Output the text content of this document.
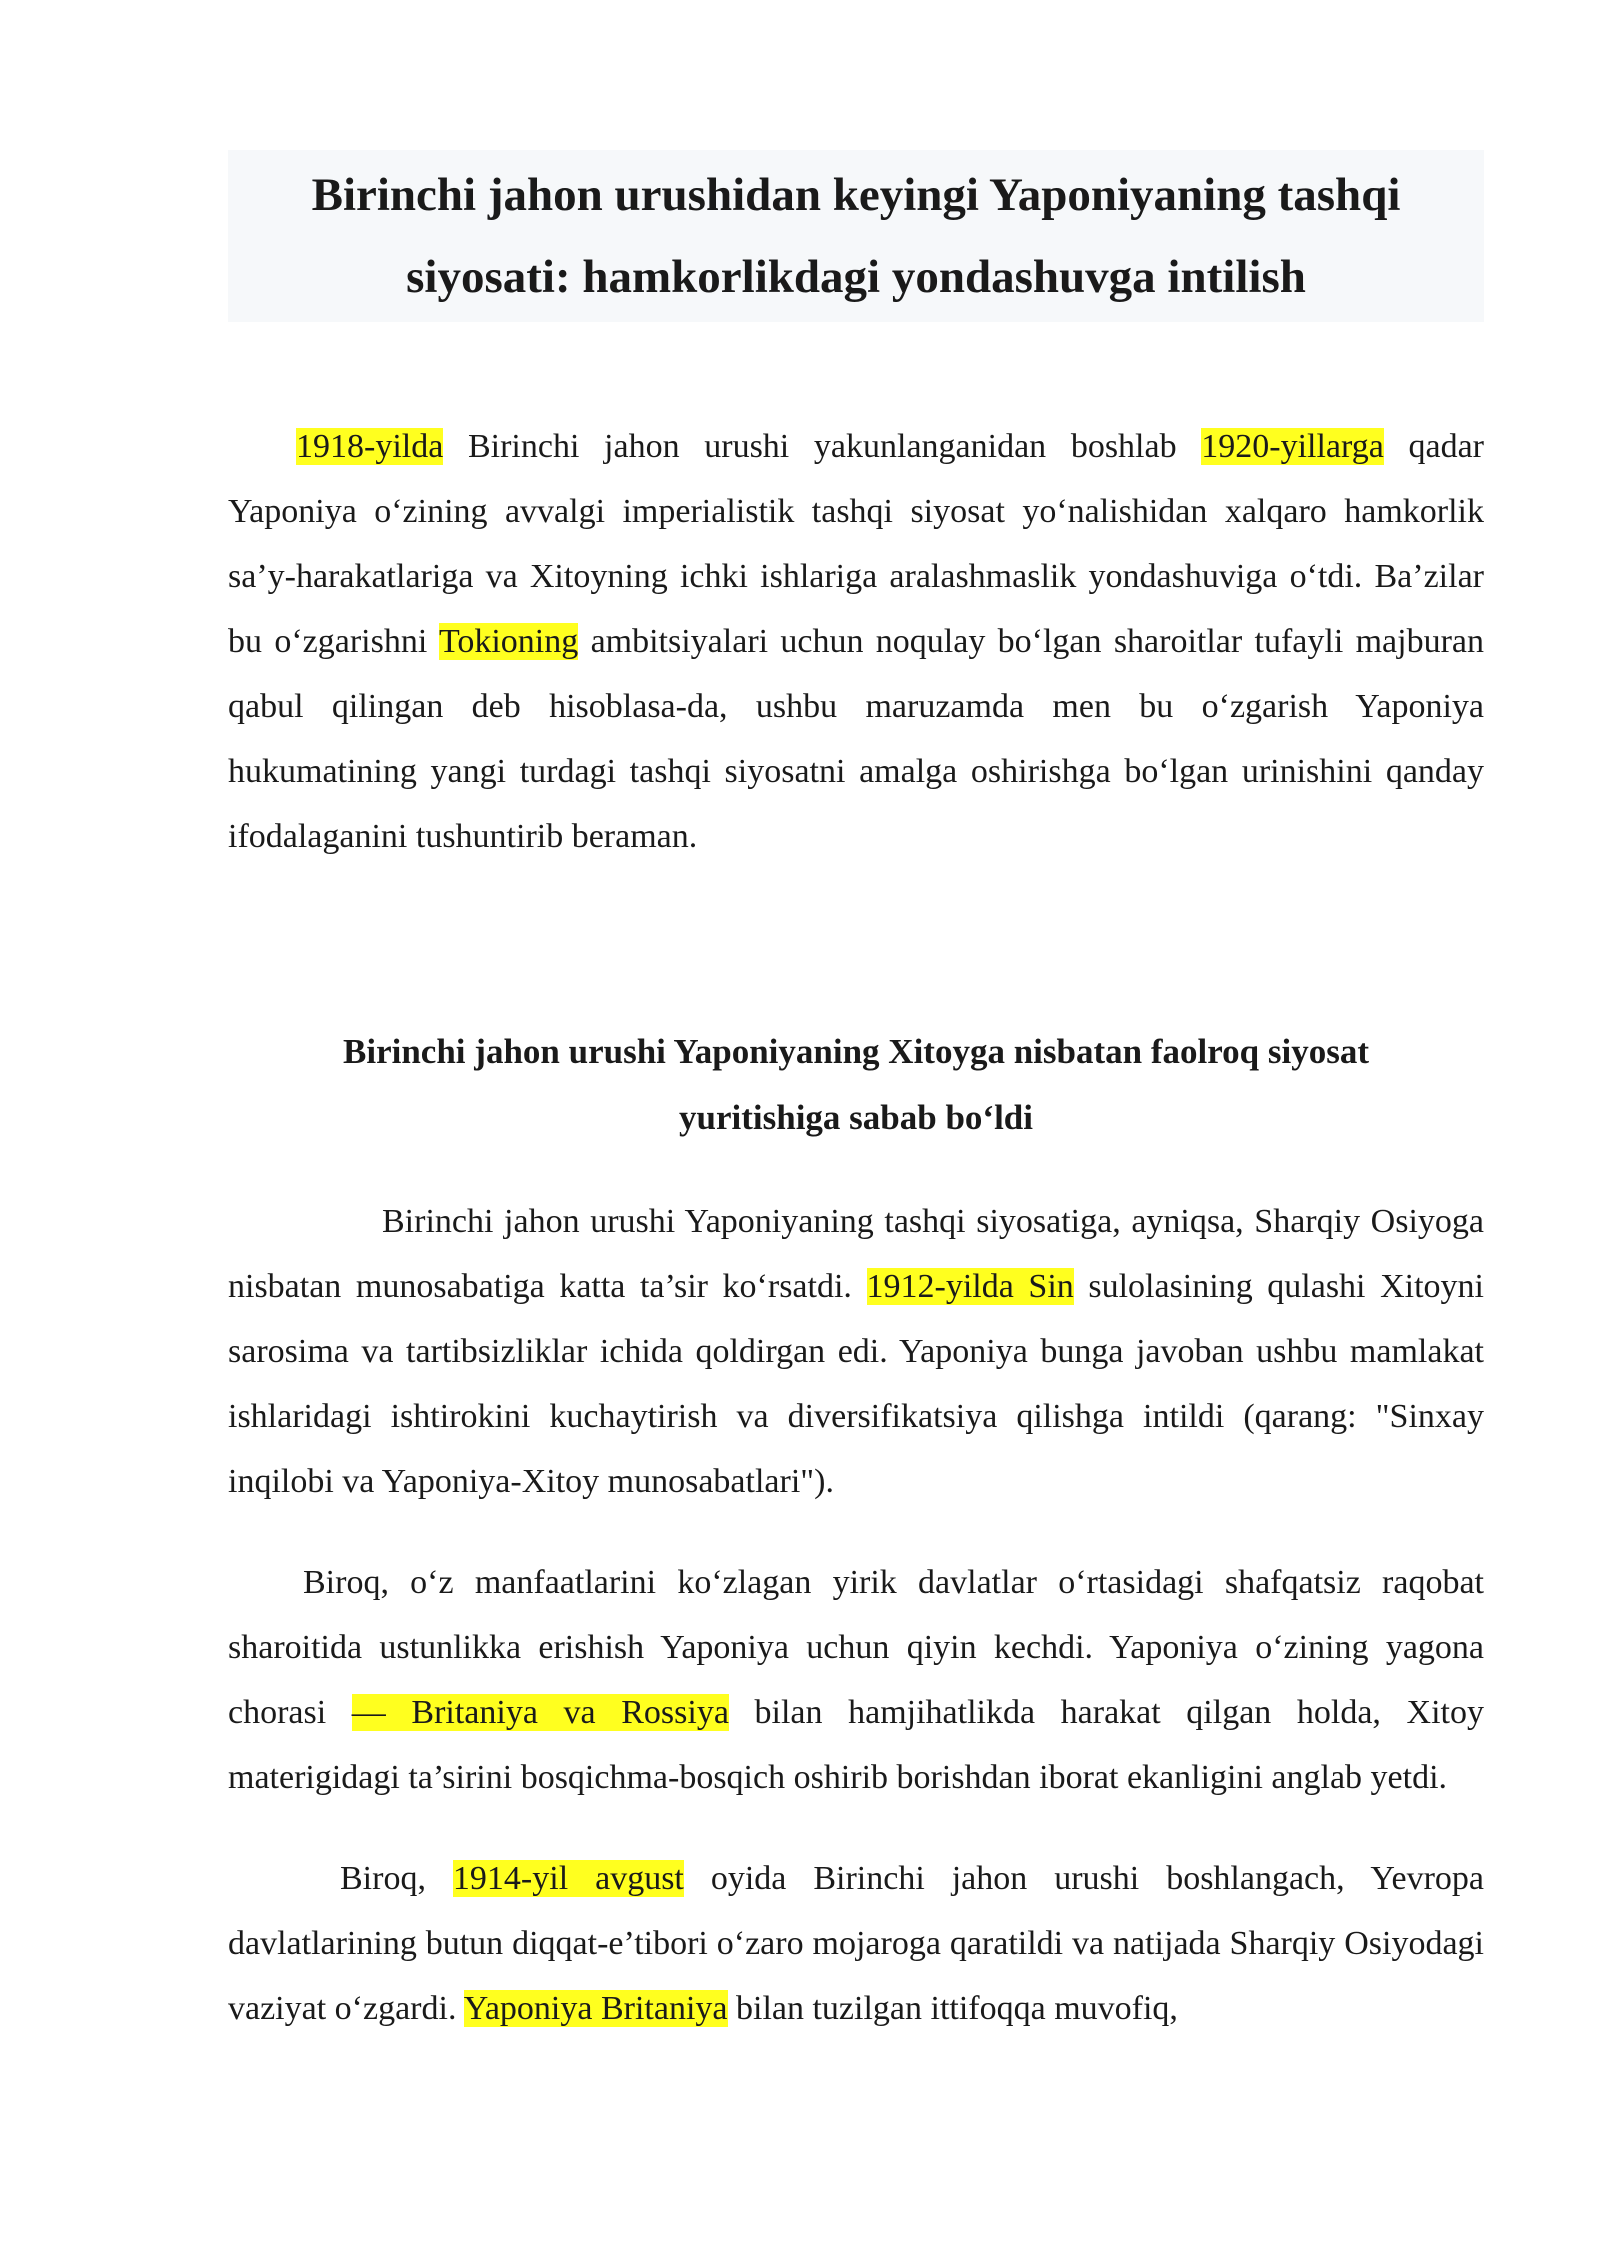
Birinchi jahon urushidan keyingi Yaponiyaning tashqi
siyosati: hamkorlikdagi yondashuvga intilish

1918-yilda Birinchi jahon urushi yakunlanganidan boshlab 1920-yillarga qadar Yaponiya o‘zining avvalgi imperialistik tashqi siyosat yo‘nalishidan xalqaro hamkorlik sa’y-harakatlariga va Xitoyning ichki ishlariga aralashmaslik yondashuviga o‘tdi. Ba’zilar bu o‘zgarishni Tokioning ambitsiyalari uchun noqulay bo‘lgan sharoitlar tufayli majburan qabul qilingan deb hisoblasa-da, ushbu maruzamda men bu o‘zgarish Yaponiya hukumatining yangi turdagi tashqi siyosatni amalga oshirishga bo‘lgan urinishini qanday ifodalaganini tushuntirib beraman.

Birinchi jahon urushi Yaponiyaning Xitoyga nisbatan faolroq siyosat
yuritishiga sabab bo‘ldi

Birinchi jahon urushi Yaponiyaning tashqi siyosatiga, ayniqsa, Sharqiy Osiyoga nisbatan munosabatiga katta ta’sir ko‘rsatdi. 1912-yilda Sin sulolasining qulashi Xitoyni sarosima va tartibsizliklar ichida qoldirgan edi. Yaponiya bunga javoban ushbu mamlakat ishlaridagi ishtirokini kuchaytirish va diversifikatsiya qilishga intildi (qarang: "Sinxay inqilobi va Yaponiya-Xitoy munosabatlari").

Biroq, o‘z manfaatlarini ko‘zlagan yirik davlatlar o‘rtasidagi shafqatsiz raqobat sharoitida ustunlikka erishish Yaponiya uchun qiyin kechdi. Yaponiya o‘zining yagona chorasi — Britaniya va Rossiya bilan hamjihatlikda harakat qilgan holda, Xitoy materigidagi ta’sirini bosqichma-bosqich oshirib borishdan iborat ekanligini anglab yetdi.

Biroq, 1914-yil avgust oyida Birinchi jahon urushi boshlangach, Yevropa davlatlarining butun diqqat-e’tibori o‘zaro mojaroga qaratildi va natijada Sharqiy Osiyodagi vaziyat o‘zgardi. Yaponiya Britaniya bilan tuzilgan ittifoqqa muvofiq,
